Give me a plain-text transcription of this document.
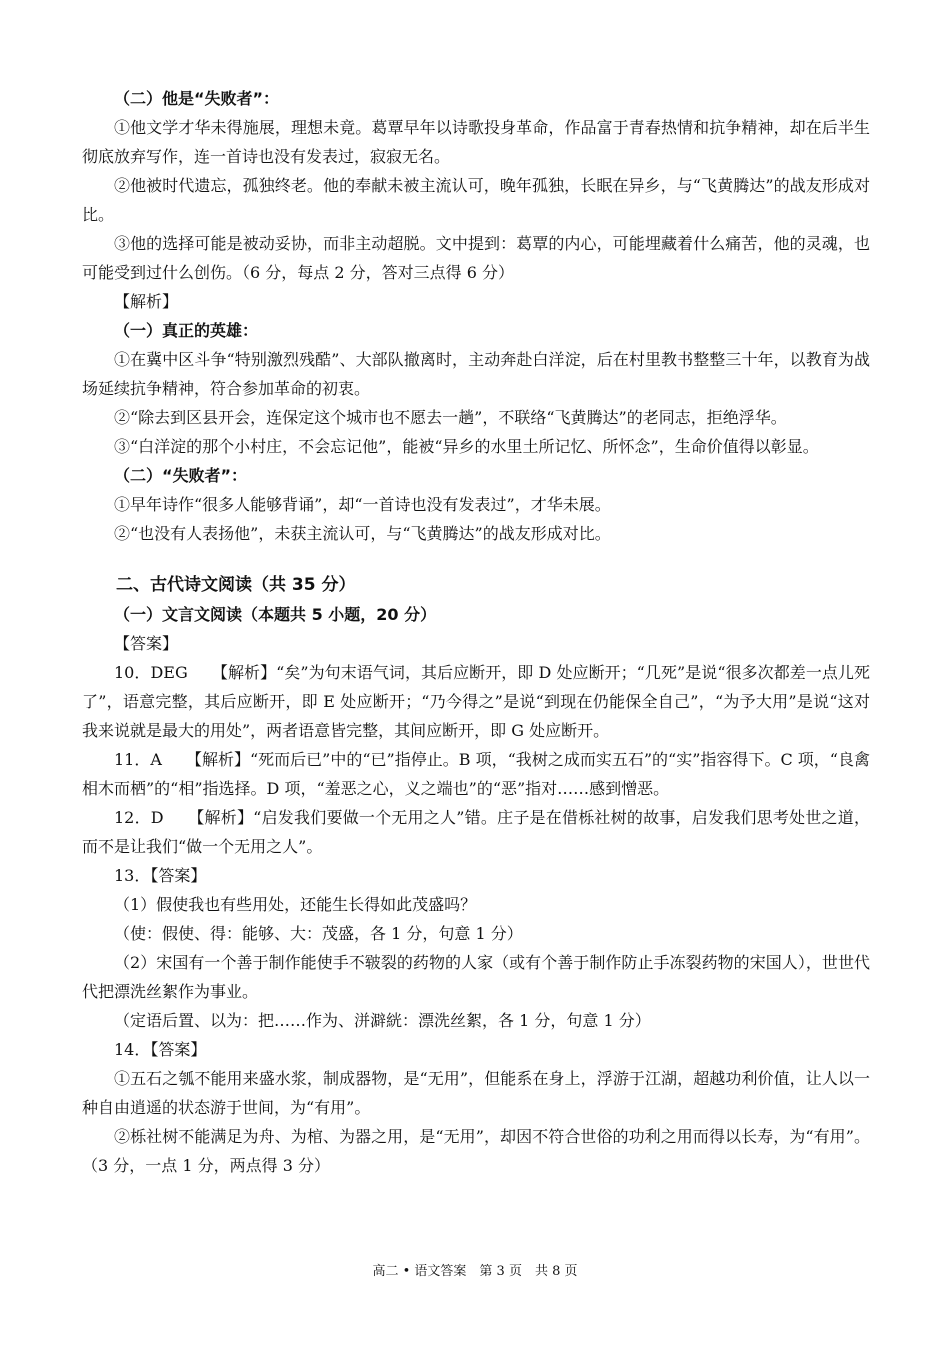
（二）他是“失败者”：

①他文学才华未得施展，理想未竟。葛覃早年以诗歌投身革命，作品富于青春热情和抗争精神，却在后半生彻底放弃写作，连一首诗也没有发表过，寂寂无名。

②他被时代遗忘，孤独终老。他的奉献未被主流认可，晚年孤独，长眠在异乡，与“飞黄腾达”的战友形成对比。

③他的选择可能是被动妥协，而非主动超脱。文中提到：葛覃的内心，可能埋藏着什么痛苦，他的灵魂，也可能受到过什么创伤。（6 分，每点 2 分，答对三点得 6 分）

【解析】

（一）真正的英雄：

①在冀中区斗争“特别激烈残酷”、大部队撤离时，主动奔赴白洋淀，后在村里教书整整三十年，以教育为战场延续抗争精神，符合参加革命的初衷。

②“除去到区县开会，连保定这个城市也不愿去一趟”，不联络“飞黄腾达”的老同志，拒绝浮华。

③“白洋淀的那个小村庄，不会忘记他”，能被“异乡的水里土所记忆、所怀念”，生命价值得以彰显。

（二）“失败者”：

①早年诗作“很多人能够背诵”，却“一首诗也没有发表过”，才华未展。

②“也没有人表扬他”，未获主流认可，与“飞黄腾达”的战友形成对比。

二、古代诗文阅读（共 35 分）

（一）文言文阅读（本题共 5 小题，20 分）

【答案】

10．DEG　　【解析】“矣”为句末语气词，其后应断开，即 D 处应断开；“几死”是说“很多次都差一点儿死了”，语意完整，其后应断开，即 E 处应断开；“乃今得之”是说“到现在仍能保全自己”，“为予大用”是说“这对我来说就是最大的用处”，两者语意皆完整，其间应断开，即 G 处应断开。

11．A　　【解析】“死而后已”中的“已”指停止。B 项，“我树之成而实五石”的“实”指容得下。C 项，“良禽相木而栖”的“相”指选择。D 项，“羞恶之心，义之端也”的“恶”指对……感到憎恶。

12．D　　【解析】“启发我们要做一个无用之人”错。庄子是在借栎社树的故事，启发我们思考处世之道，而不是让我们“做一个无用之人”。

13．【答案】

（1）假使我也有些用处，还能生长得如此茂盛吗？

（使：假使、得：能够、大：茂盛，各 1 分，句意 1 分）

（2）宋国有一个善于制作能使手不皲裂的药物的人家（或有个善于制作防止手冻裂药物的宋国人），世世代代把漂洗丝絮作为事业。

（定语后置、以为：把……作为、洴澼絖：漂洗丝絮，各 1 分，句意 1 分）

14．【答案】

①五石之瓠不能用来盛水浆，制成器物，是“无用”，但能系在身上，浮游于江湖，超越功利价值，让人以一种自由逍遥的状态游于世间，为“有用”。

②栎社树不能满足为舟、为棺、为器之用，是“无用”，却因不符合世俗的功利之用而得以长寿，为“有用”。（3 分，一点 1 分，两点得 3 分）

高二 • 语文答案　第 3 页　共 8 页
